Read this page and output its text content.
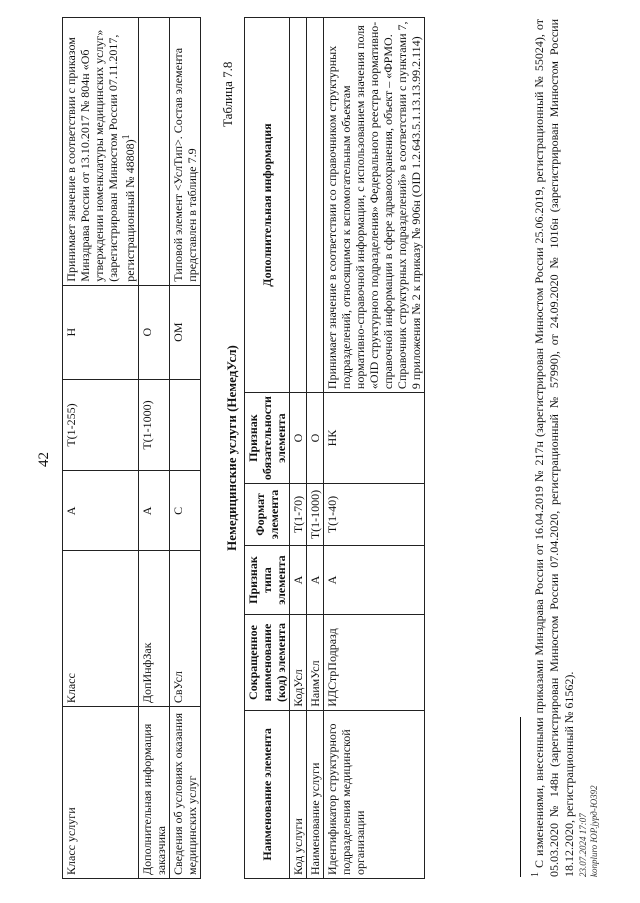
42
Класс услуги	Класс	А	Т(1-255)	Н	Принимает значение в соответствии с приказом Минздрава России от 13.10.2017 № 804н «Об утверждении номенклатуры медицинских услуг» (зарегистрирован Минюстом России 07.11.2017, регистрационный № 48808)$^1$
Дополнительная информация заказчика	ДопИнфЗак	А	Т(1-1000)	О	
Сведения об условиях оказания медицинских услуг	СвУсл	С		ОМ	Типовой элемент <УслТип>. Состав элемента представлен в таблице 7.9
Таблица 7.8
Немедицинские услуги (НемедУсл)
Наименование элемента	Сокращенное наименование (код) элемента	Признак типа элемента	Формат элемента	Признак обязательности элемента	Дополнительная информация
Код услуги	КодУсл	А	Т(1-70)	О	
Наименование услуги	НаимУсл	А	Т(1-1000)	О	
Идентификатор структурного подразделения медицинской организации	ИДСтрПодразд	А	Т(1-40)	НК	Принимает значение в соответствии со справочником структурных подразделений, относящимся к вспомогательным объектам нормативно-справочной информации, с использованием значения поля «OID структурного подразделения» Федерального реестра нормативно-справочной информации в сфере здравоохранения, объект – «ФРМО. Справочник структурных подразделений» в соответствии с пунктами 7, 9 приложения № 2 к приказу № 906н (OID 1.2.643.5.1.13.13.99.2.114)
$^1$ С изменениями, внесенными приказами Минздрава России от 16.04.2019 № 217н (зарегистрирован Минюстом России 25.06.2019, регистрационный № 55024), от 05.03.2020 № 148н (зарегистрирован Минюстом России 07.04.2020, регистрационный № 57990), от 24.09.2020 № 1016н (зарегистрирован Минюстом России 18.12.2020, регистрационный № 61562). 23.07.2024 17:07 konpluro ЮР.јурд-Ю392
